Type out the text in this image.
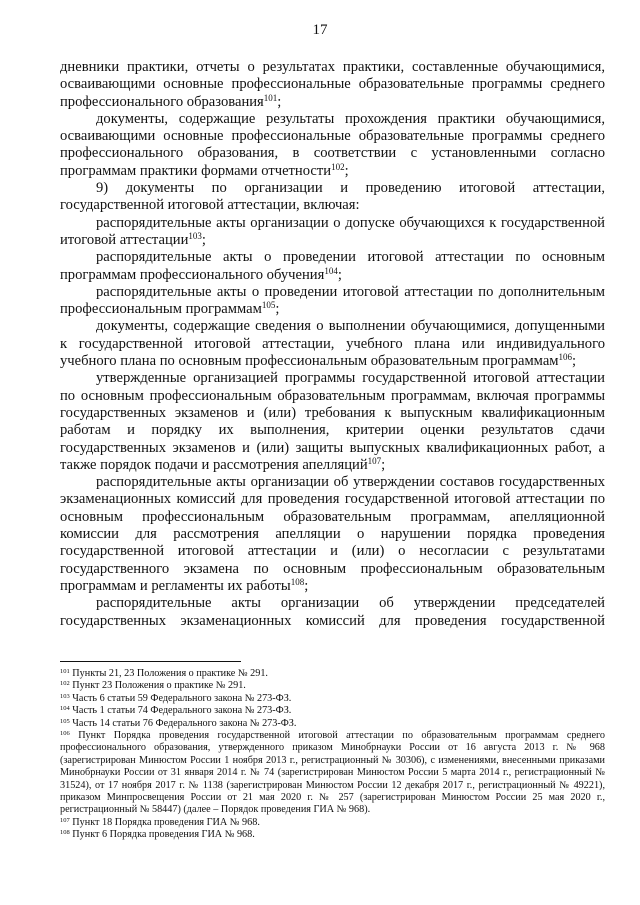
17

дневники практики, отчеты о результатах практики, составленные обучающимися, осваивающими основные профессиональные образовательные программы среднего профессионального образования$^{101}$;

документы, содержащие результаты прохождения практики обучающимися, осваивающими основные профессиональные образовательные программы среднего профессионального образования, в соответствии с установленными согласно программам практики формами отчетности$^{102}$;

9) документы по организации и проведению итоговой аттестации, государственной итоговой аттестации, включая:

распорядительные акты организации о допуске обучающихся к государственной итоговой аттестации$^{103}$;

распорядительные акты о проведении итоговой аттестации по основным программам профессионального обучения$^{104}$;

распорядительные акты о проведении итоговой аттестации по дополнительным профессиональным программам$^{105}$;

документы, содержащие сведения о выполнении обучающимися, допущенными к государственной итоговой аттестации, учебного плана или индивидуального учебного плана по основным профессиональным образовательным программам$^{106}$;

утвержденные организацией программы государственной итоговой аттестации по основным профессиональным образовательным программам, включая программы государственных экзаменов и (или) требования к выпускным квалификационным работам и порядку их выполнения, критерии оценки результатов сдачи государственных экзаменов и (или) защиты выпускных квалификационных работ, а также порядок подачи и рассмотрения апелляций$^{107}$;

распорядительные акты организации об утверждении составов государственных экзаменационных комиссий для проведения государственной итоговой аттестации по основным профессиональным образовательным программам, апелляционной комиссии для рассмотрения апелляции о нарушении порядка проведения государственной итоговой аттестации и (или) о несогласии с результатами государственного экзамена по основным профессиональным образовательным программам и регламенты их работы$^{108}$;

распорядительные акты организации об утверждении председателей государственных экзаменационных комиссий для проведения государственной

$^{101}$ Пункты 21, 23 Положения о практике № 291.
$^{102}$ Пункт 23 Положения о практике № 291.
$^{103}$ Часть 6 статьи 59 Федерального закона № 273-ФЗ.
$^{104}$ Часть 1 статьи 74 Федерального закона № 273-ФЗ.
$^{105}$ Часть 14 статьи 76 Федерального закона № 273-ФЗ.
$^{106}$ Пункт Порядка проведения государственной итоговой аттестации по образовательным программам среднего профессионального образования, утвержденного приказом Минобрнауки России от 16 августа 2013 г. № 968 (зарегистрирован Минюстом России 1 ноября 2013 г., регистрационный № 30306), с изменениями, внесенными приказами Минобрнауки России от 31 января 2014 г. № 74 (зарегистрирован Минюстом России 5 марта 2014 г., регистрационный № 31524), от 17 ноября 2017 г. № 1138 (зарегистрирован Минюстом России 12 декабря 2017 г., регистрационный № 49221), приказом Минпросвещения России от 21 мая 2020 г. № 257 (зарегистрирован Минюстом России 25 мая 2020 г., регистрационный № 58447) (далее – Порядок проведения ГИА № 968).
$^{107}$ Пункт 18 Порядка проведения ГИА № 968.
$^{108}$ Пункт 6 Порядка проведения ГИА № 968.
